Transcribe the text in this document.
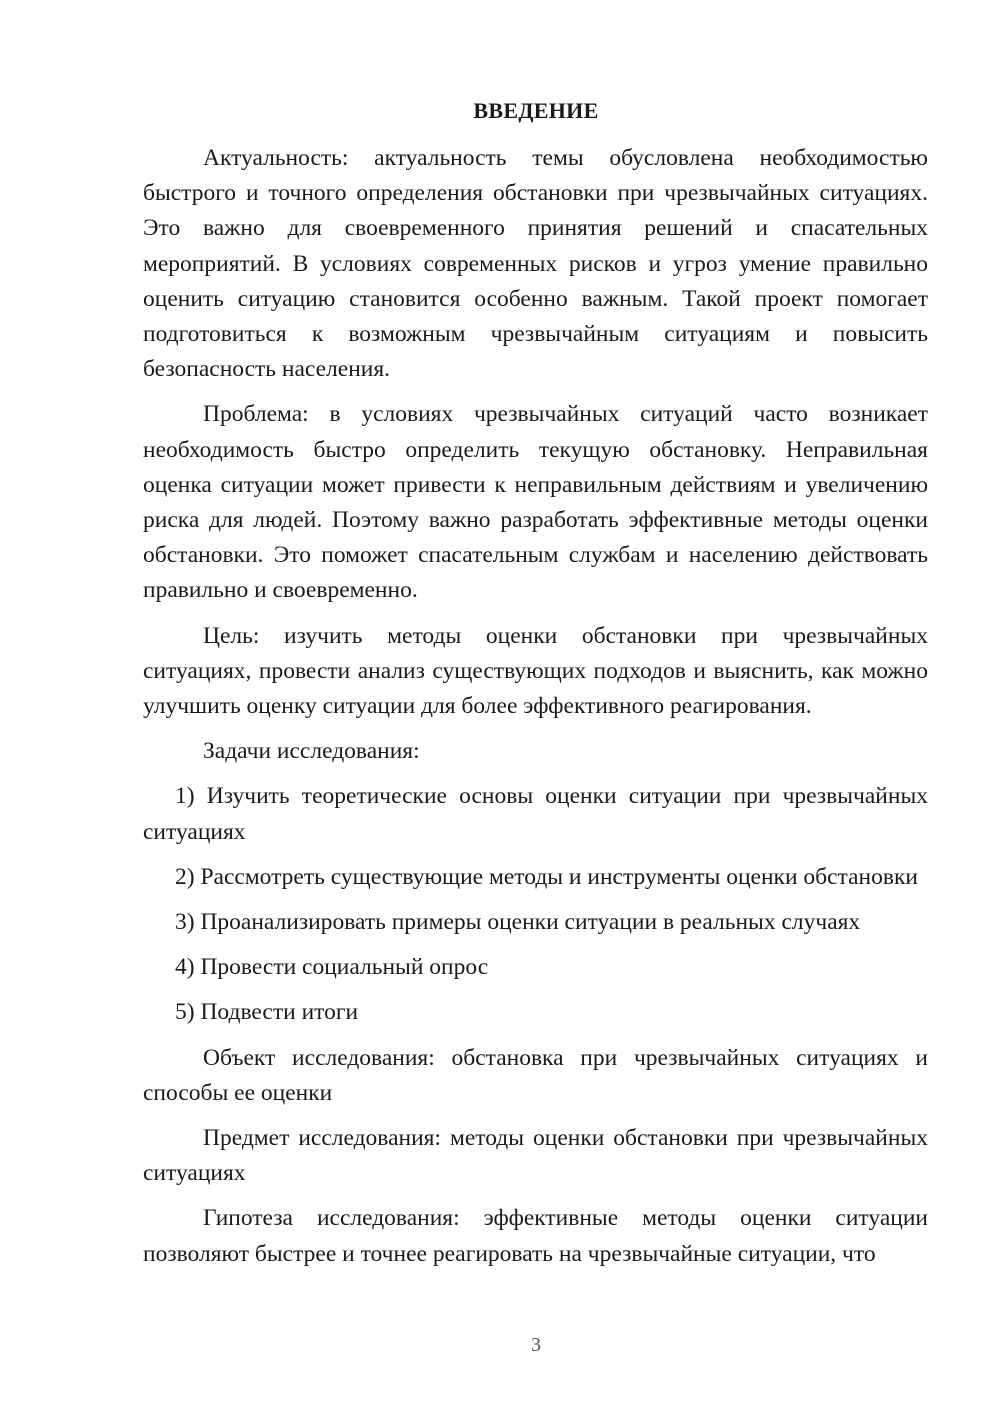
ВВЕДЕНИЕ

Актуальность: актуальность темы обусловлена необходимостью быстрого и точного определения обстановки при чрезвычайных ситуациях. Это важно для своевременного принятия решений и спасательных мероприятий. В условиях современных рисков и угроз умение правильно оценить ситуацию становится особенно важным. Такой проект помогает подготовиться к возможным чрезвычайным ситуациям и повысить безопасность населения.

Проблема: в условиях чрезвычайных ситуаций часто возникает необходимость быстро определить текущую обстановку. Неправильная оценка ситуации может привести к неправильным действиям и увеличению риска для людей. Поэтому важно разработать эффективные методы оценки обстановки. Это поможет спасательным службам и населению действовать правильно и своевременно.

Цель: изучить методы оценки обстановки при чрезвычайных ситуациях, провести анализ существующих подходов и выяснить, как можно улучшить оценку ситуации для более эффективного реагирования.

Задачи исследования:

1) Изучить теоретические основы оценки ситуации при чрезвычайных ситуациях

2) Рассмотреть существующие методы и инструменты оценки обстановки

3) Проанализировать примеры оценки ситуации в реальных случаях

4) Провести социальный опрос

5) Подвести итоги

Объект исследования: обстановка при чрезвычайных ситуациях и способы ее оценки

Предмет исследования: методы оценки обстановки при чрезвычайных ситуациях

Гипотеза исследования: эффективные методы оценки ситуации позволяют быстрее и точнее реагировать на чрезвычайные ситуации, что

3
